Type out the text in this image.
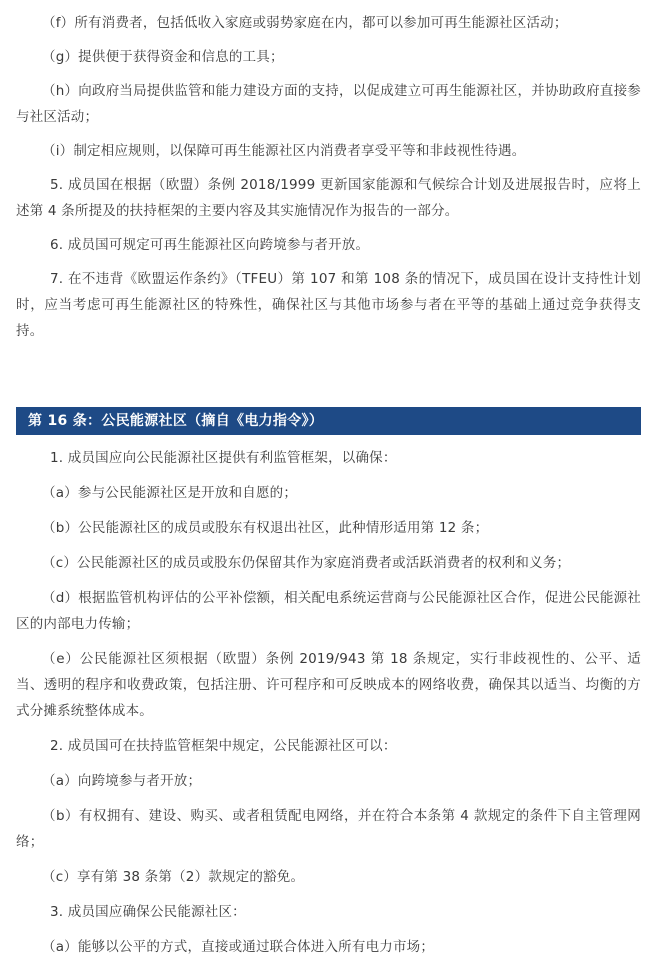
（f）所有消费者，包括低收入家庭或弱势家庭在内，都可以参加可再生能源社区活动；

（g）提供便于获得资金和信息的工具；

（h）向政府当局提供监管和能力建设方面的支持，以促成建立可再生能源社区，并协助政府直接参与社区活动；

（i）制定相应规则，以保障可再生能源社区内消费者享受平等和非歧视性待遇。

5. 成员国在根据（欧盟）条例 2018/1999 更新国家能源和气候综合计划及进展报告时，应将上述第 4 条所提及的扶持框架的主要内容及其实施情况作为报告的一部分。

6. 成员国可规定可再生能源社区向跨境参与者开放。

7. 在不违背《欧盟运作条约》（TFEU）第 107 和第 108 条的情况下，成员国在设计支持性计划时，应当考虑可再生能源社区的特殊性，确保社区与其他市场参与者在平等的基础上通过竞争获得支持。

第 16 条：公民能源社区（摘自《电力指令》）

1. 成员国应向公民能源社区提供有利监管框架，以确保：

（a）参与公民能源社区是开放和自愿的；

（b）公民能源社区的成员或股东有权退出社区，此种情形适用第 12 条；

（c）公民能源社区的成员或股东仍保留其作为家庭消费者或活跃消费者的权利和义务；

（d）根据监管机构评估的公平补偿额，相关配电系统运营商与公民能源社区合作，促进公民能源社区的内部电力传输；

（e）公民能源社区须根据（欧盟）条例 2019/943 第 18 条规定，实行非歧视性的、公平、适当、透明的程序和收费政策，包括注册、许可程序和可反映成本的网络收费，确保其以适当、均衡的方式分摊系统整体成本。

2. 成员国可在扶持监管框架中规定，公民能源社区可以：

（a）向跨境参与者开放；

（b）有权拥有、建设、购买、或者租赁配电网络，并在符合本条第 4 款规定的条件下自主管理网络；

（c）享有第 38 条第（2）款规定的豁免。

3. 成员国应确保公民能源社区：

（a）能够以公平的方式，直接或通过联合体进入所有电力市场；
